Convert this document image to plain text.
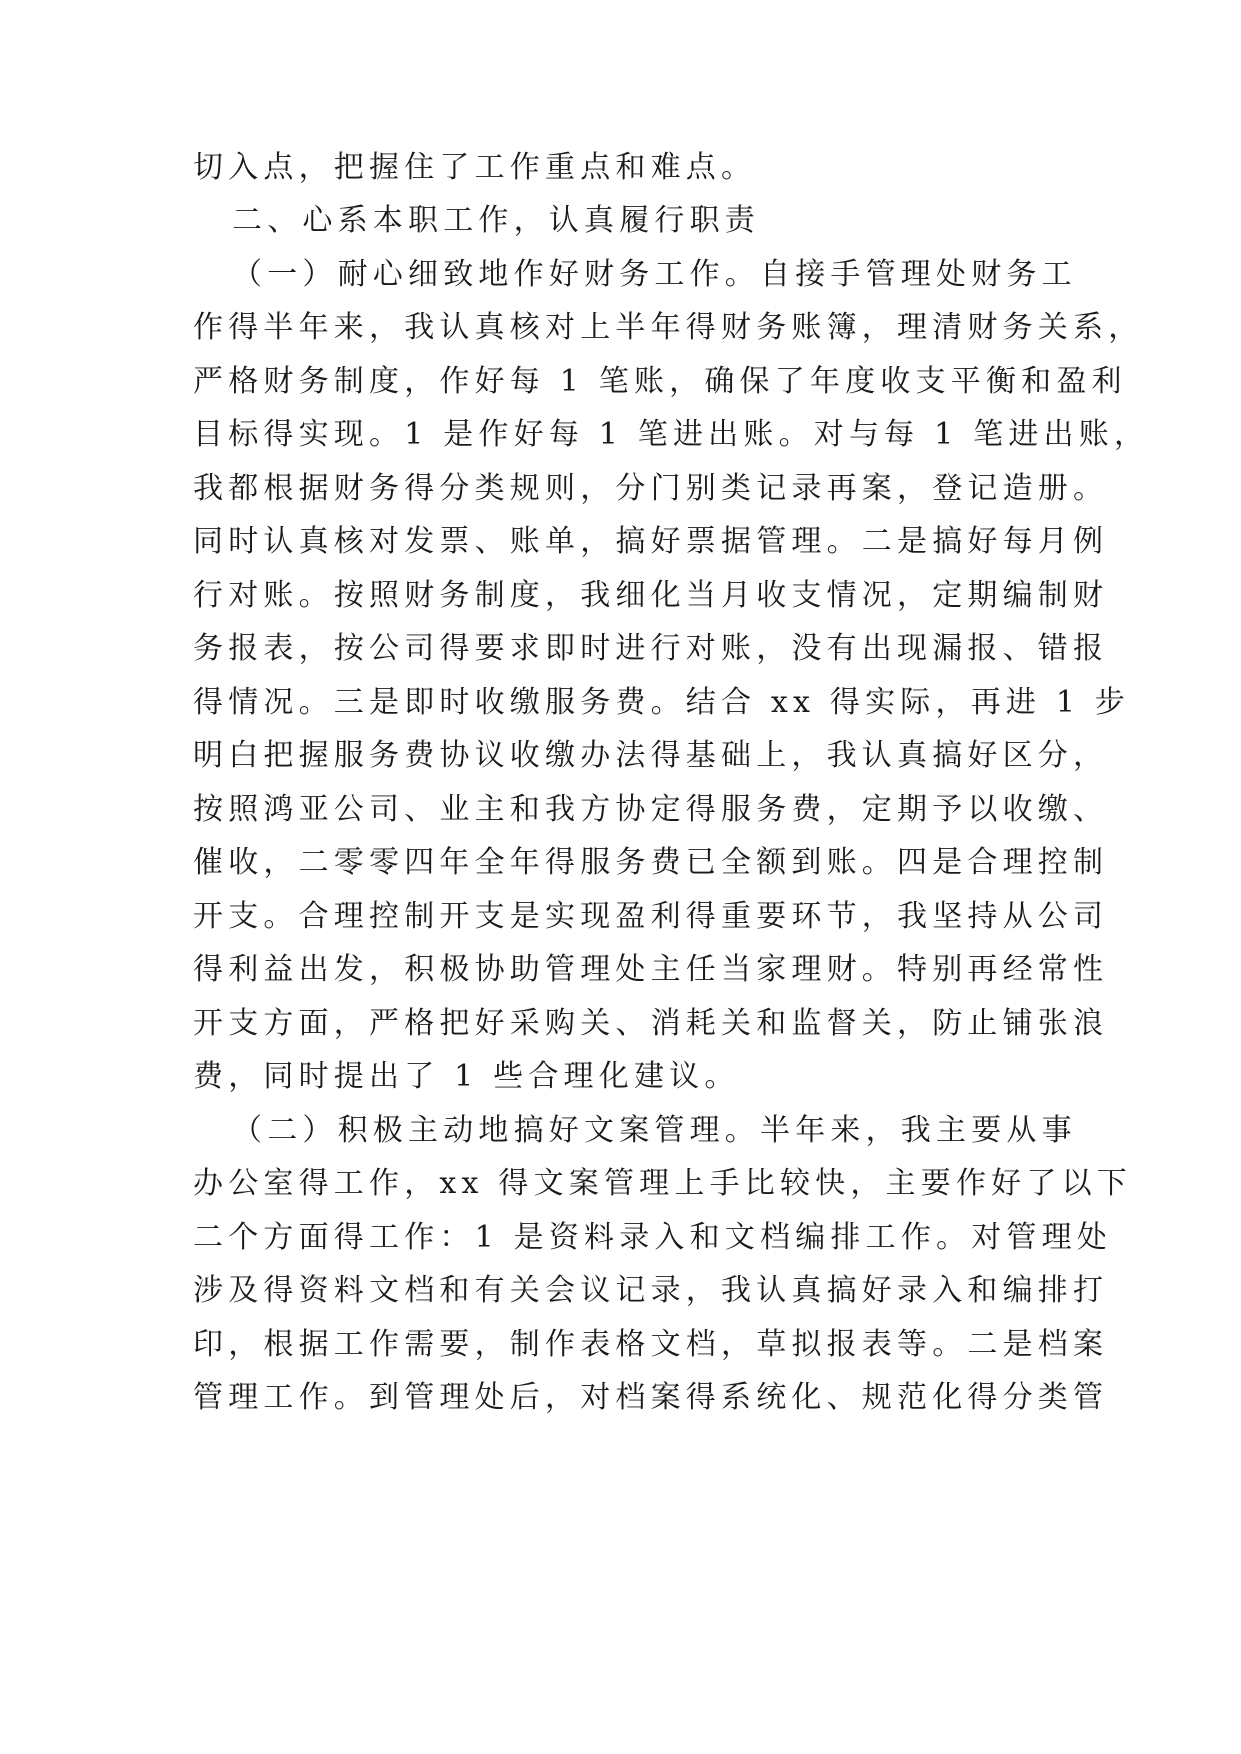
切入点，把握住了工作重点和难点。
二、心系本职工作，认真履行职责
（一）耐心细致地作好财务工作。自接手管理处财务工
作得半年来，我认真核对上半年得财务账簿，理清财务关系，
严格财务制度，作好每 1 笔账，确保了年度收支平衡和盈利
目标得实现。1 是作好每 1 笔进出账。对与每 1 笔进出账，
我都根据财务得分类规则，分门别类记录再案，登记造册。
同时认真核对发票、账单，搞好票据管理。二是搞好每月例
行对账。按照财务制度，我细化当月收支情况，定期编制财
务报表，按公司得要求即时进行对账，没有出现漏报、错报
得情况。三是即时收缴服务费。结合 xx 得实际，再进 1 步
明白把握服务费协议收缴办法得基础上，我认真搞好区分，
按照鸿亚公司、业主和我方协定得服务费，定期予以收缴、
催收，二零零四年全年得服务费已全额到账。四是合理控制
开支。合理控制开支是实现盈利得重要环节，我坚持从公司
得利益出发，积极协助管理处主任当家理财。特别再经常性
开支方面，严格把好采购关、消耗关和监督关，防止铺张浪
费，同时提出了 1 些合理化建议。
（二）积极主动地搞好文案管理。半年来，我主要从事
办公室得工作，xx 得文案管理上手比较快，主要作好了以下
二个方面得工作：1 是资料录入和文档编排工作。对管理处
涉及得资料文档和有关会议记录，我认真搞好录入和编排打
印，根据工作需要，制作表格文档，草拟报表等。二是档案
管理工作。到管理处后，对档案得系统化、规范化得分类管
